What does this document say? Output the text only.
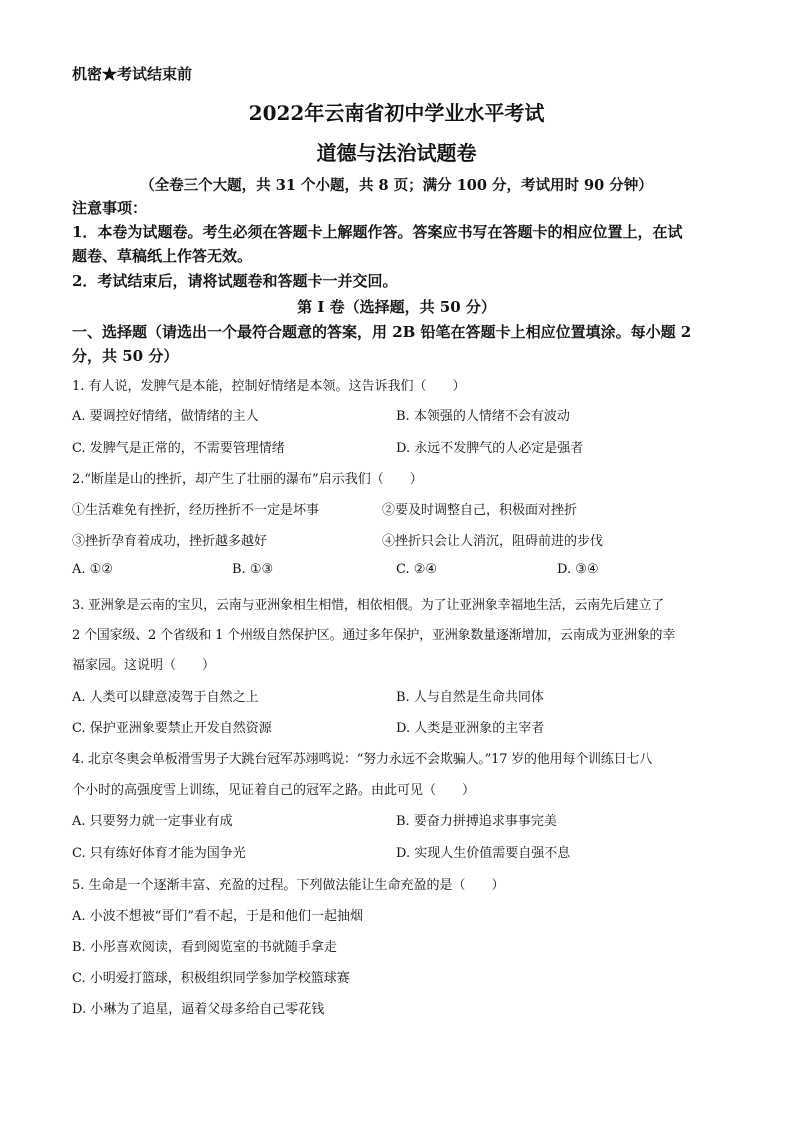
机密★考试结束前
2022年云南省初中学业水平考试
道德与法治试题卷
（全卷三个大题，共 31 个小题，共 8 页；满分 100 分，考试用时 90 分钟）
注意事项：
1．本卷为试题卷。考生必须在答题卡上解题作答。答案应书写在答题卡的相应位置上，在试
题卷、草稿纸上作答无效。
2．考试结束后，请将试题卷和答题卡一并交回。
第 I 卷（选择题，共 50 分）
一、选择题（请选出一个最符合题意的答案，用 2B 铅笔在答题卡上相应位置填涂。每小题 2
分，共 50 分）
1. 有人说，发脾气是本能，控制好情绪是本领。这告诉我们（　　）
A. 要调控好情绪，做情绪的主人	B. 本领强的人情绪不会有波动
C. 发脾气是正常的，不需要管理情绪	D. 永远不发脾气的人必定是强者
2.“断崖是山的挫折，却产生了壮丽的瀑布”启示我们（　　）
①生活难免有挫折，经历挫折不一定是坏事	②要及时调整自己，积极面对挫折
③挫折孕育着成功，挫折越多越好	④挫折只会让人消沉，阻碍前进的步伐
A. ①②	B. ①③	C. ②④	D. ③④
3. 亚洲象是云南的宝贝，云南与亚洲象相生相惜，相依相偎。为了让亚洲象幸福地生活，云南先后建立了
2 个国家级、2 个省级和 1 个州级自然保护区。通过多年保护，亚洲象数量逐渐增加，云南成为亚洲象的幸
福家园。这说明（　　）
A. 人类可以肆意凌驾于自然之上	B. 人与自然是生命共同体
C. 保护亚洲象要禁止开发自然资源	D. 人类是亚洲象的主宰者
4. 北京冬奥会单板滑雪男子大跳台冠军苏翊鸣说：“努力永远不会欺骗人。”17 岁的他用每个训练日七八
个小时的高强度雪上训练，见证着自己的冠军之路。由此可见（　　）
A. 只要努力就一定事业有成	B. 要奋力拼搏追求事事完美
C. 只有练好体育才能为国争光	D. 实现人生价值需要自强不息
5. 生命是一个逐渐丰富、充盈的过程。下列做法能让生命充盈的是（　　）
A. 小波不想被“哥们”看不起，于是和他们一起抽烟
B. 小彤喜欢阅读，看到阅览室的书就随手拿走
C. 小明爱打篮球，积极组织同学参加学校篮球赛
D. 小琳为了追星，逼着父母多给自己零花钱
